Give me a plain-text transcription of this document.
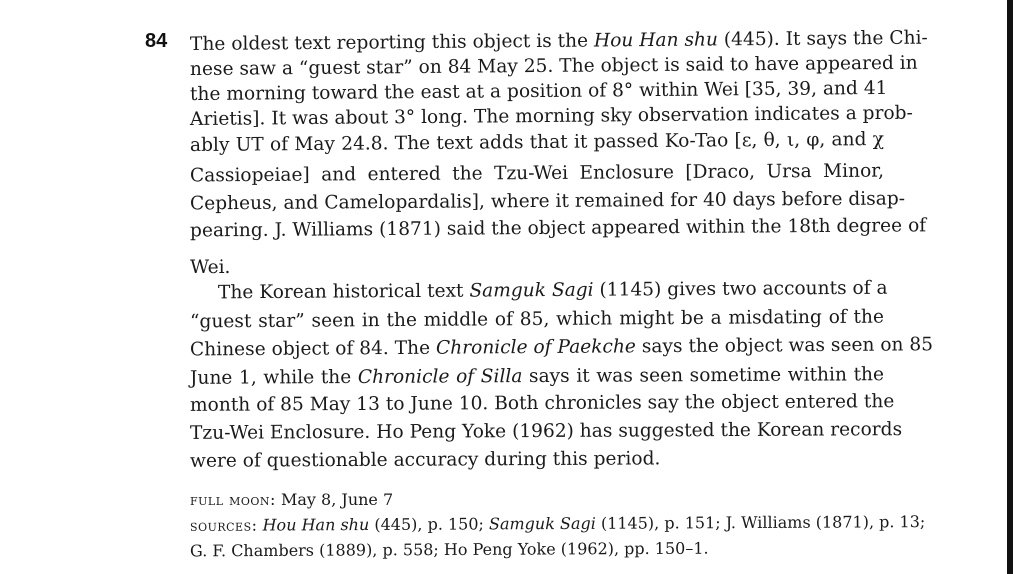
84 The oldest text reporting this object is the Hou Han shu (445). It says the Chi-
nese saw a “guest star” on 84 May 25. The object is said to have appeared in
the morning toward the east at a position of 8° within Wei [35, 39, and 41
Arietis]. It was about 3° long. The morning sky observation indicates a prob-
ably UT of May 24.8. The text adds that it passed Ko-Tao [ε, θ, ι, φ, and χ
Cassiopeiae] and entered the Tzu-Wei Enclosure [Draco, Ursa Minor,
Cepheus, and Camelopardalis], where it remained for 40 days before disap-
pearing. J. Williams (1871) said the object appeared within the 18th degree of
Wei.
The Korean historical text Samguk Sagi (1145) gives two accounts of a
“guest star” seen in the middle of 85, which might be a misdating of the
Chinese object of 84. The Chronicle of Paekche says the object was seen on 85
June 1, while the Chronicle of Silla says it was seen sometime within the
month of 85 May 13 to June 10. Both chronicles say the object entered the
Tzu-Wei Enclosure. Ho Peng Yoke (1962) has suggested the Korean records
were of questionable accuracy during this period.
full moon: May 8, June 7
sources: Hou Han shu (445), p. 150; Samguk Sagi (1145), p. 151; J. Williams (1871), p. 13;
G. F. Chambers (1889), p. 558; Ho Peng Yoke (1962), pp. 150–1.
